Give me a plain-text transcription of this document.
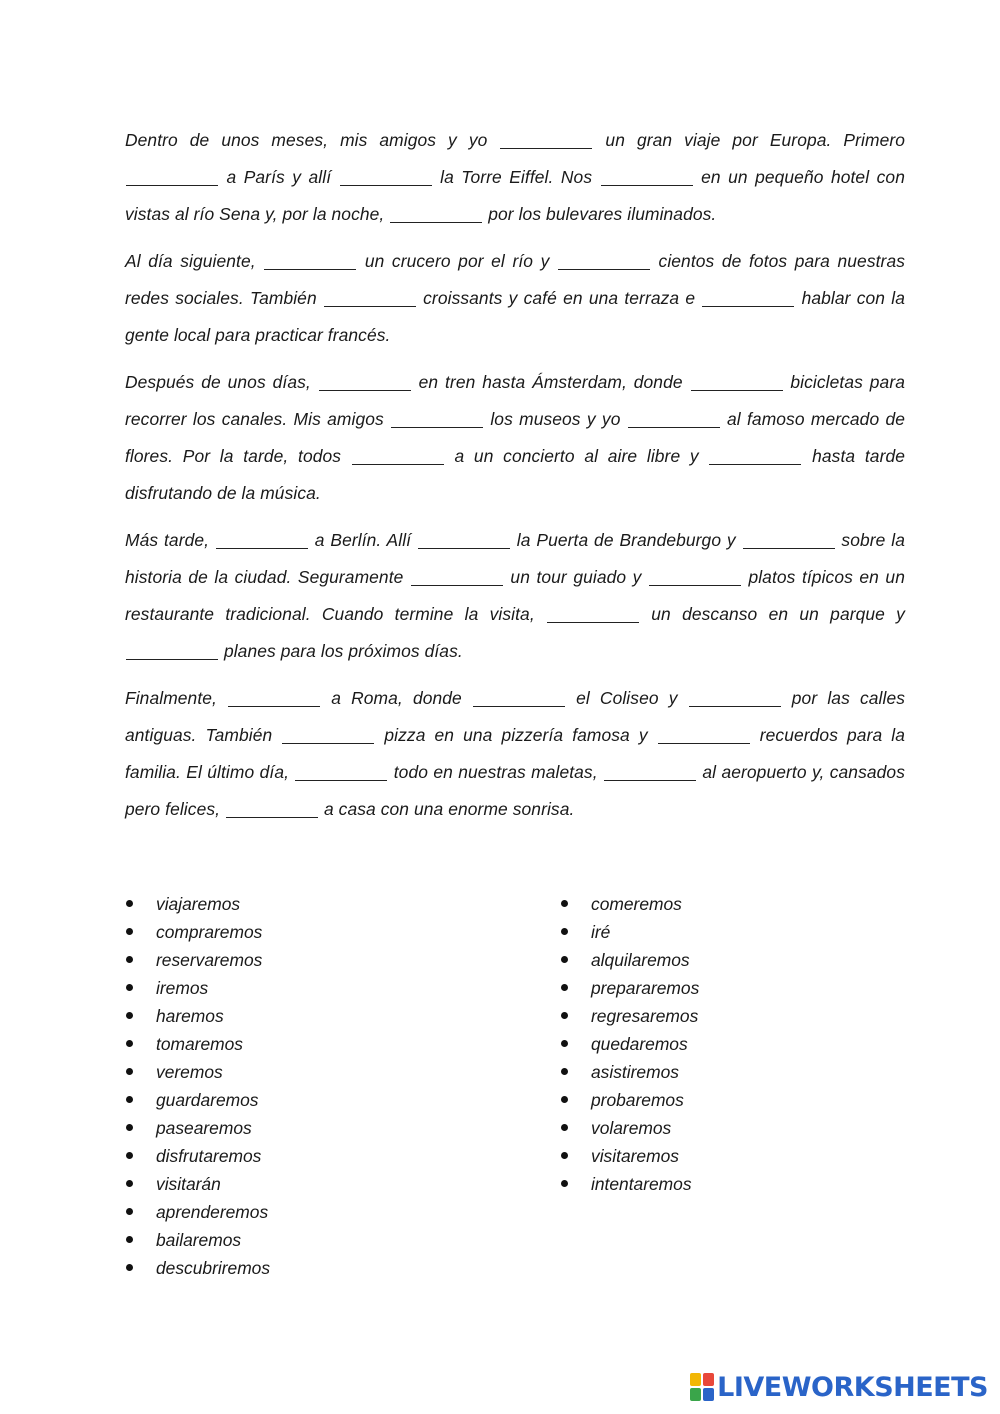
Dentro de unos meses, mis amigos y yo	un gran viaje por Europa. Primero  a París y allí	la Torre Eiffel. Nos	en un pequeño hotel con vistas al río Sena y, por la noche,	por los bulevares iluminados.

Al día siguiente,	un crucero por el río y	cientos de fotos para nuestras redes sociales. También	croissants y café en una terraza e	hablar con la gente local para practicar francés.

Después de unos días,	en tren hasta Ámsterdam, donde	bicicletas para recorrer los canales. Mis amigos	los museos y yo	al famoso mercado de flores. Por la tarde, todos	a un concierto al aire libre y	hasta tarde disfrutando de la música.

Más tarde,	a Berlín. Allí	la Puerta de Brandeburgo y	sobre la historia de la ciudad. Seguramente	un tour guiado y	platos típicos en un restaurante tradicional. Cuando termine la visita,	un descanso en un parque y  planes para los próximos días.

Finalmente,	a Roma, donde	el Coliseo y	por las calles antiguas. También	pizza en una pizzería famosa y	recuerdos para la familia. El último día,	todo en nuestras maletas,	al aeropuerto y, cansados pero felices,	a casa con una enorme sonrisa.

viajaremos
compraremos
reservaremos
iremos
haremos
tomaremos
veremos
guardaremos
pasearemos
disfrutaremos
visitarán
aprenderemos
bailaremos
descubriremos
comeremos
iré
alquilaremos
prepararemos
regresaremos
quedaremos
asistiremos
probaremos
volaremos
visitaremos
intentaremos
LIVEWORKSHEETS
